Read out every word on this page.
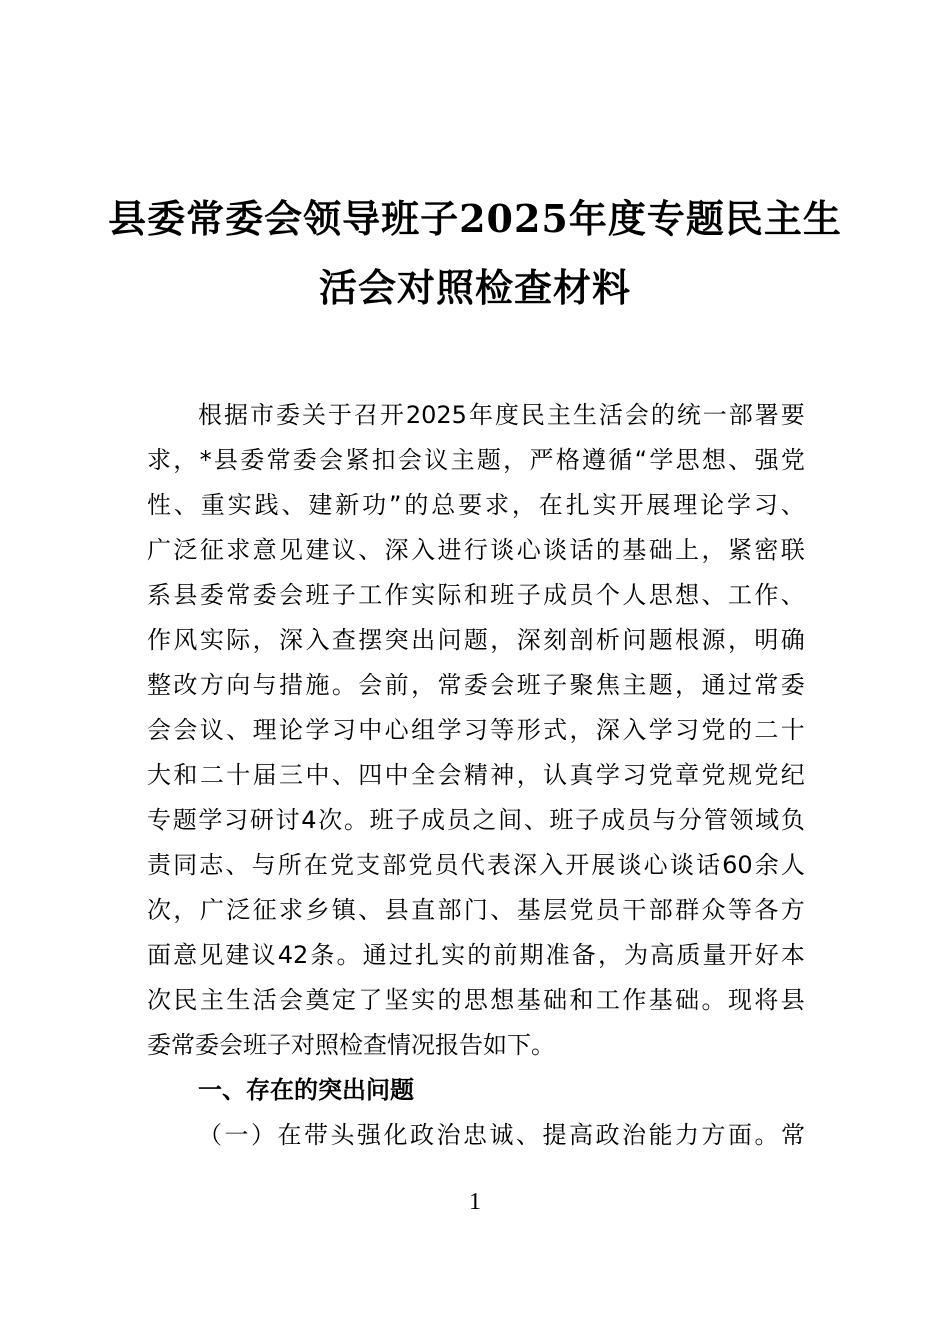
县委常委会领导班子2025年度专题民主生
活会对照检查材料
根 据 市 委 关 于 召 开 2025 年 度 民 主 生 活 会 的 统 一 部 署 要
求 ， * 县 委 常 委 会 紧 扣 会 议 主 题 ， 严 格 遵 循 “ 学 思 想 、 强 党
性 、 重 实 践 、 建 新 功 ” 的 总 要 求 ， 在 扎 实 开 展 理 论 学 习 、
广 泛 征 求 意 见 建 议 、 深 入 进 行 谈 心 谈 话 的 基 础 上 ， 紧 密 联
系 县 委 常 委 会 班 子 工 作 实 际 和 班 子 成 员 个 人 思 想 、 工 作 、
作 风 实 际 ， 深 入 查 摆 突 出 问 题 ， 深 刻 剖 析 问 题 根 源 ， 明 确
整 改 方 向 与 措 施 。 会 前 ， 常 委 会 班 子 聚 焦 主 题 ， 通 过 常 委
会 会 议 、 理 论 学 习 中 心 组 学 习 等 形 式 ， 深 入 学 习 党 的 二 十
大 和 二 十 届 三 中 、 四 中 全 会 精 神 ， 认 真 学 习 党 章 党 规 党 纪
专 题 学 习 研 讨 4 次 。 班 子 成 员 之 间 、 班 子 成 员 与 分 管 领 域 负
责 同 志 、 与 所 在 党 支 部 党 员 代 表 深 入 开 展 谈 心 谈 话 60 余 人
次 ， 广 泛 征 求 乡 镇 、 县 直 部 门 、 基 层 党 员 干 部 群 众 等 各 方
面 意 见 建 议 42 条 。 通 过 扎 实 的 前 期 准 备 ， 为 高 质 量 开 好 本
次 民 主 生 活 会 奠 定 了 坚 实 的 思 想 基 础 和 工 作 基 础 。 现 将 县
委常委会班子对照检查情况报告如下。
一、存在的突出问题
（ 一 ） 在 带 头 强 化 政 治 忠 诚 、 提 高 政 治 能 力 方 面 。 常
1
